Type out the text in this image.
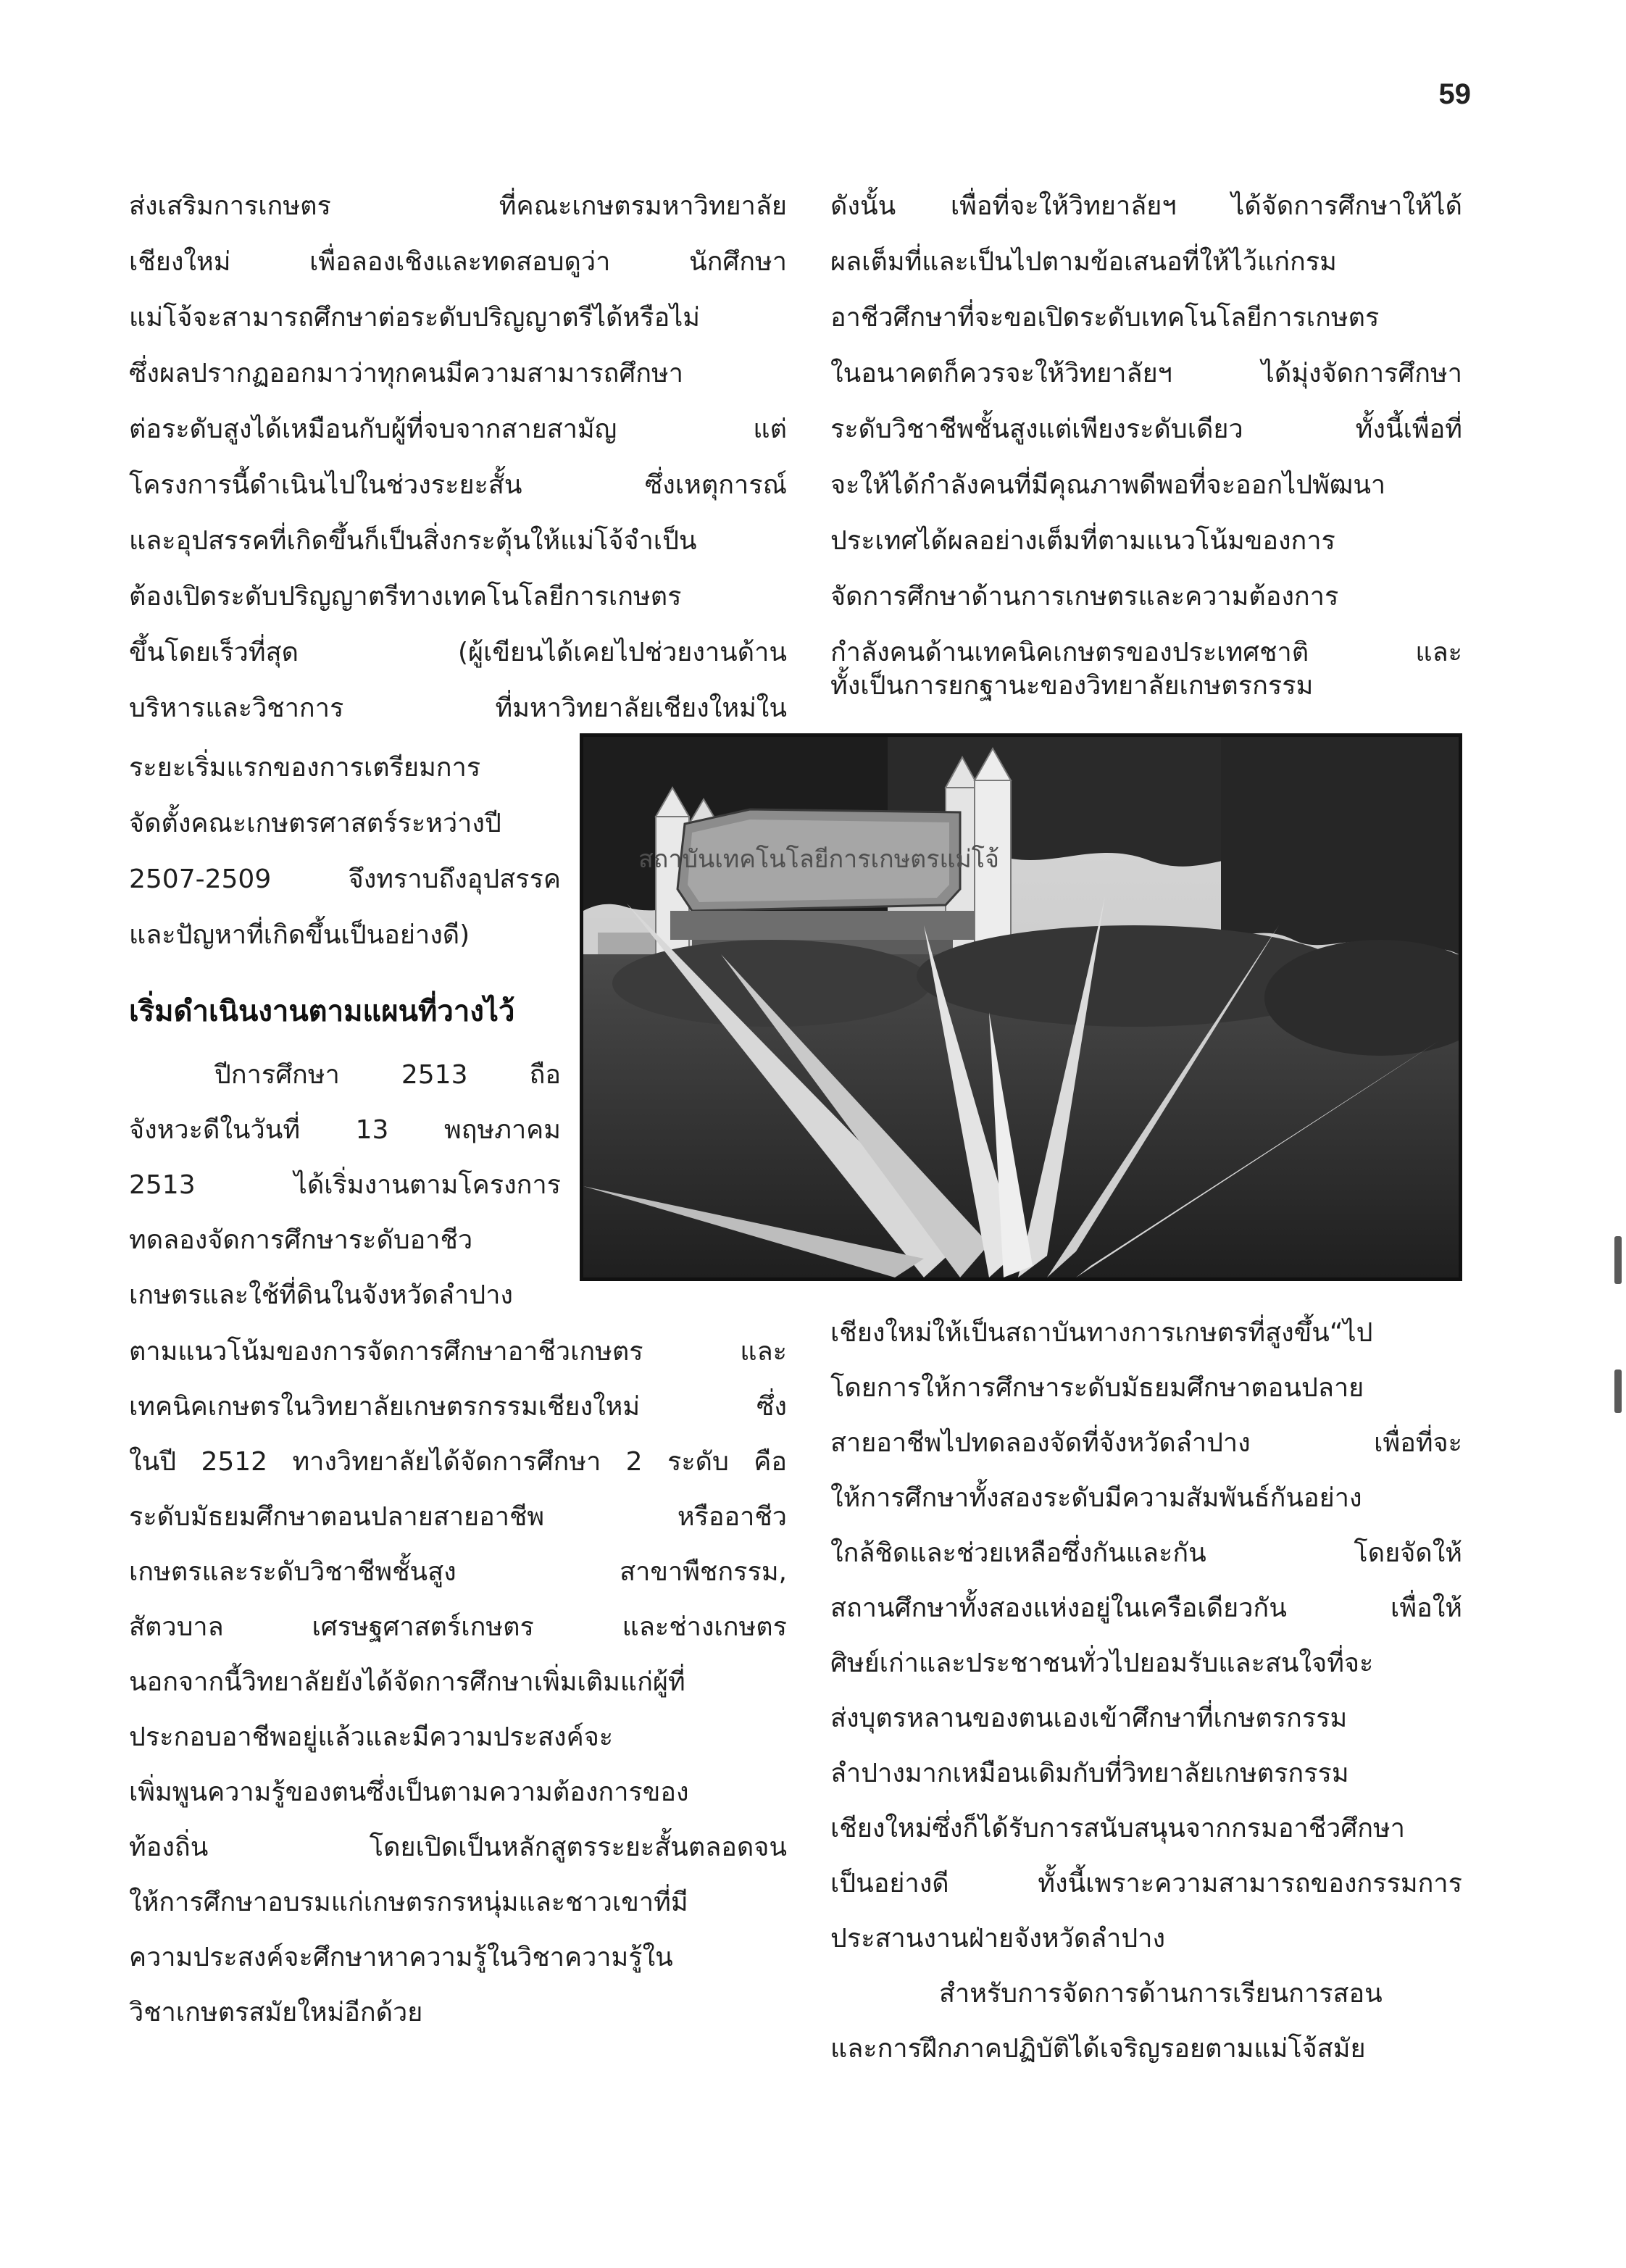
59

ส่งเสริมการเกษตร ที่คณะเกษตรมหาวิทยาลัย

เชียงใหม่ เพื่อลองเชิงและทดสอบดูว่า นักศึกษา

แม่โจ้จะสามารถศึกษาต่อระดับปริญญาตรีได้หรือไม่

ซึ่งผลปรากฏออกมาว่าทุกคนมีความสามารถศึกษา

ต่อระดับสูงได้เหมือนกับผู้ที่จบจากสายสามัญ แต่

โครงการนี้ดำเนินไปในช่วงระยะสั้น ซึ่งเหตุการณ์

และอุปสรรคที่เกิดขึ้นก็เป็นสิ่งกระตุ้นให้แม่โจ้จำเป็น

ต้องเปิดระดับปริญญาตรีทางเทคโนโลยีการเกษตร

ขึ้นโดยเร็วที่สุด (ผู้เขียนได้เคยไปช่วยงานด้าน

บริหารและวิชาการ ที่มหาวิทยาลัยเชียงใหม่ใน

ระยะเริ่มแรกของการเตรียมการ

จัดตั้งคณะเกษตรศาสตร์ระหว่างปี

2507-2509 จึงทราบถึงอุปสรรค

และปัญหาที่เกิดขึ้นเป็นอย่างดี)

เริ่มดำเนินงานตามแผนที่วางไว้

ปีการศึกษา 2513 ถือ

จังหวะดีในวันที่ 13 พฤษภาคม

2513 ได้เริ่มงานตามโครงการ

ทดลองจัดการศึกษาระดับอาชีว

เกษตรและใช้ที่ดินในจังหวัดลำปาง

ตามแนวโน้มของการจัดการศึกษาอาชีวเกษตร และ

เทคนิคเกษตรในวิทยาลัยเกษตรกรรมเชียงใหม่ ซึ่ง

ในปี 2512 ทางวิทยาลัยได้จัดการศึกษา 2 ระดับ คือ

ระดับมัธยมศึกษาตอนปลายสายอาชีพ หรืออาชีว

เกษตรและระดับวิชาชีพชั้นสูง สาขาพืชกรรม,

สัตวบาล เศรษฐศาสตร์เกษตร และช่างเกษตร

นอกจากนี้วิทยาลัยยังได้จัดการศึกษาเพิ่มเติมแก่ผู้ที่

ประกอบอาชีพอยู่แล้วและมีความประสงค์จะ

เพิ่มพูนความรู้ของตนซึ่งเป็นตามความต้องการของ

ท้องถิ่น โดยเปิดเป็นหลักสูตรระยะสั้นตลอดจน

ให้การศึกษาอบรมแก่เกษตรกรหนุ่มและชาวเขาที่มี

ความประสงค์จะศึกษาหาความรู้ในวิชาความรู้ใน

วิชาเกษตรสมัยใหม่อีกด้วย

ดังนั้น เพื่อที่จะให้วิทยาลัยฯ ได้จัดการศึกษาให้ได้

ผลเต็มที่และเป็นไปตามข้อเสนอที่ให้ไว้แก่กรม

อาชีวศึกษาที่จะขอเปิดระดับเทคโนโลยีการเกษตร

ในอนาคตก็ควรจะให้วิทยาลัยฯ ได้มุ่งจัดการศึกษา

ระดับวิชาชีพชั้นสูงแต่เพียงระดับเดียว ทั้งนี้เพื่อที่

จะให้ได้กำลังคนที่มีคุณภาพดีพอที่จะออกไปพัฒนา

ประเทศได้ผลอย่างเต็มที่ตามแนวโน้มของการ

จัดการศึกษาด้านการเกษตรและความต้องการ

กำลังคนด้านเทคนิคเกษตรของประเทศชาติ และ

ทั้งเป็นการยกฐานะของวิทยาลัยเกษตรกรรม

เชียงใหม่ให้เป็นสถาบันทางการเกษตรที่สูงขึ้น“ไป

โดยการให้การศึกษาระดับมัธยมศึกษาตอนปลาย

สายอาชีพไปทดลองจัดที่จังหวัดลำปาง เพื่อที่จะ

ให้การศึกษาทั้งสองระดับมีความสัมพันธ์กันอย่าง

ใกล้ชิดและช่วยเหลือซึ่งกันและกัน โดยจัดให้

สถานศึกษาทั้งสองแห่งอยู่ในเครือเดียวกัน เพื่อให้

ศิษย์เก่าและประชาชนทั่วไปยอมรับและสนใจที่จะ

ส่งบุตรหลานของตนเองเข้าศึกษาที่เกษตรกรรม

ลำปางมากเหมือนเดิมกับที่วิทยาลัยเกษตรกรรม

เชียงใหม่ซึ่งก็ได้รับการสนับสนุนจากกรมอาชีวศึกษา

เป็นอย่างดี ทั้งนี้เพราะความสามารถของกรรมการ

ประสานงานฝ่ายจังหวัดลำปาง

สำหรับการจัดการด้านการเรียนการสอน

และการฝึกภาคปฏิบัติได้เจริญรอยตามแม่โจ้สมัย

สถาบันเทคโนโลยีการเกษตรแม่โจ้
